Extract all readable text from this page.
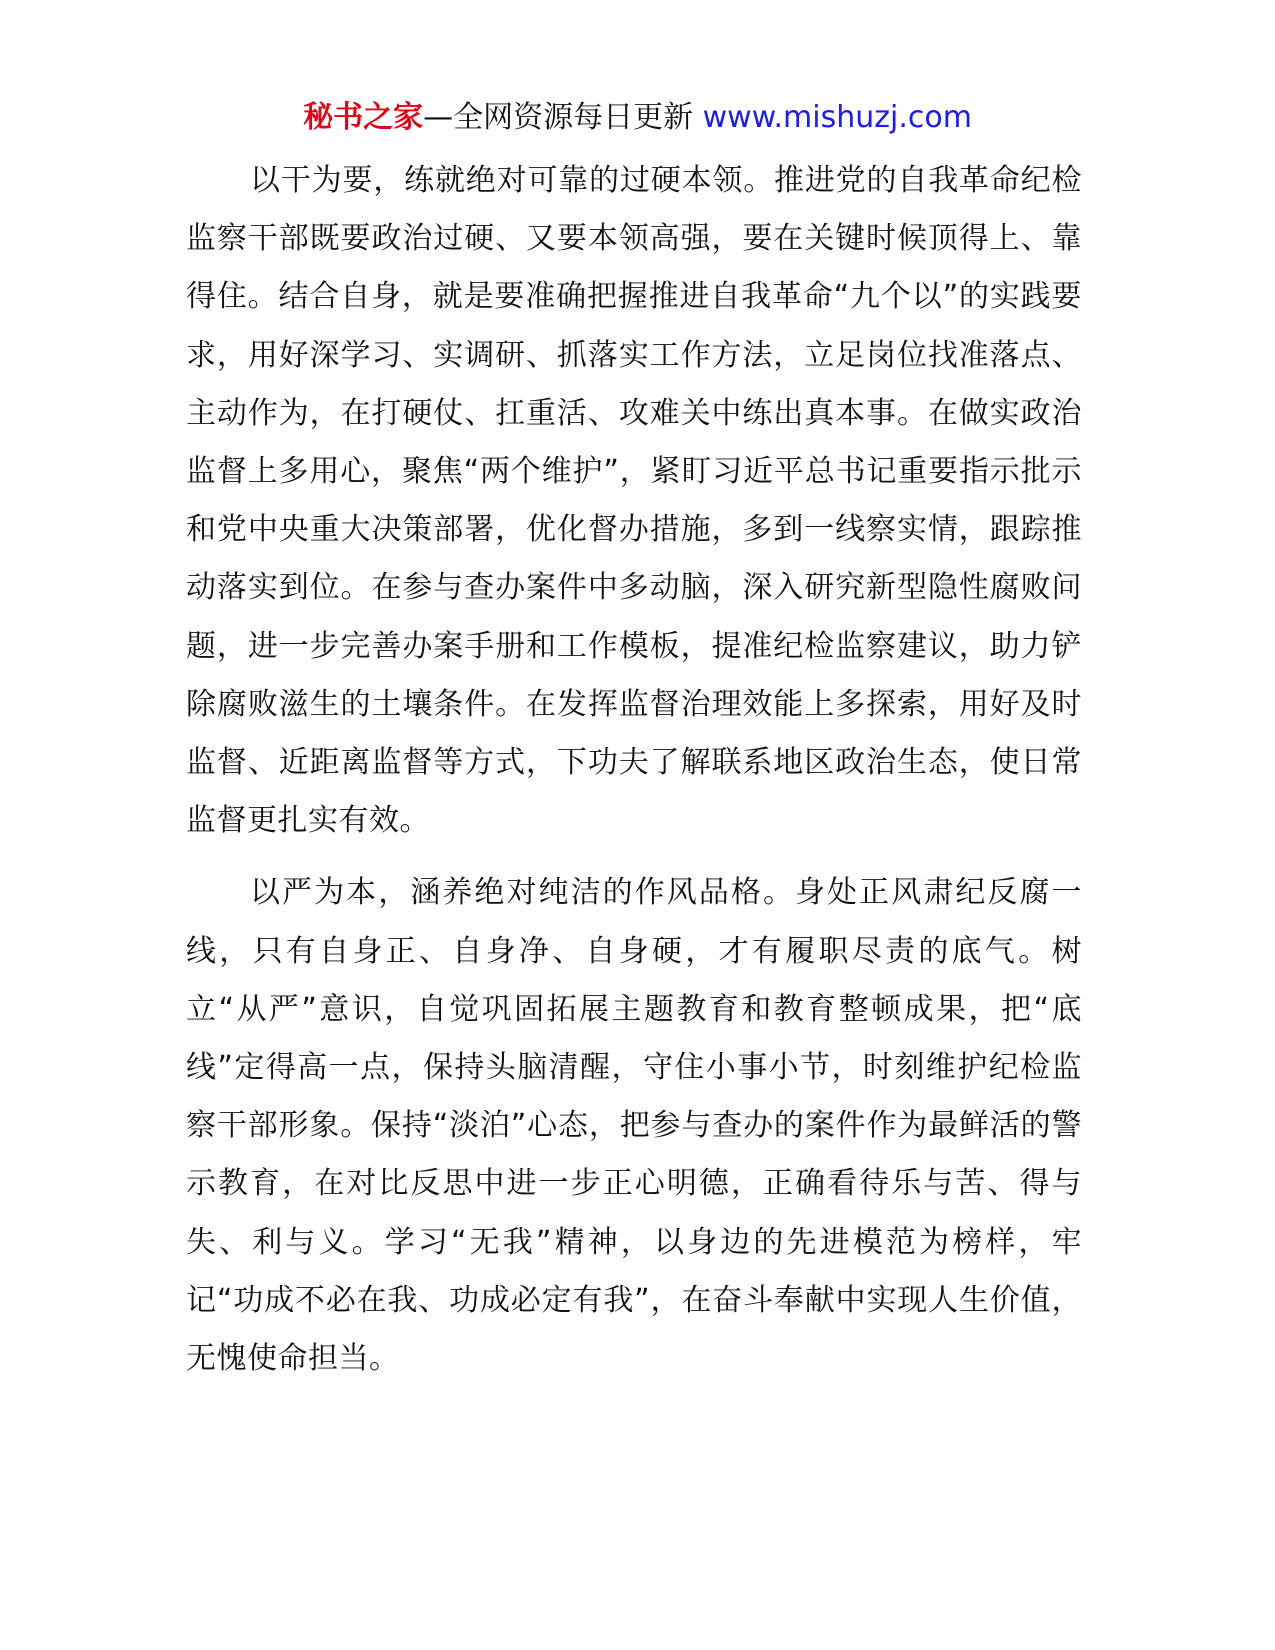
秘书之家—全网资源每日更新 www.mishuzj.com

以干为要，练就绝对可靠的过硬本领。推进党的自我革命纪检监察干部既要政治过硬、又要本领高强，要在关键时候顶得上、靠得住。结合自身，就是要准确把握推进自我革命“九个以”的实践要求，用好深学习、实调研、抓落实工作方法，立足岗位找准落点、主动作为，在打硬仗、扛重活、攻难关中练出真本事。在做实政治监督上多用心，聚焦“两个维护”，紧盯习近平总书记重要指示批示和党中央重大决策部署，优化督办措施，多到一线察实情，跟踪推动落实到位。在参与查办案件中多动脑，深入研究新型隐性腐败问题，进一步完善办案手册和工作模板，提准纪检监察建议，助力铲除腐败滋生的土壤条件。在发挥监督治理效能上多探索，用好及时监督、近距离监督等方式，下功夫了解联系地区政治生态，使日常监督更扎实有效。

以严为本，涵养绝对纯洁的作风品格。身处正风肃纪反腐一线，只有自身正、自身净、自身硬，才有履职尽责的底气。树立“从严”意识，自觉巩固拓展主题教育和教育整顿成果，把“底线”定得高一点，保持头脑清醒，守住小事小节，时刻维护纪检监察干部形象。保持“淡泊”心态，把参与查办的案件作为最鲜活的警示教育，在对比反思中进一步正心明德，正确看待乐与苦、得与失、利与义。学习“无我”精神，以身边的先进模范为榜样，牢记“功成不必在我、功成必定有我”，在奋斗奉献中实现人生价值，无愧使命担当。
